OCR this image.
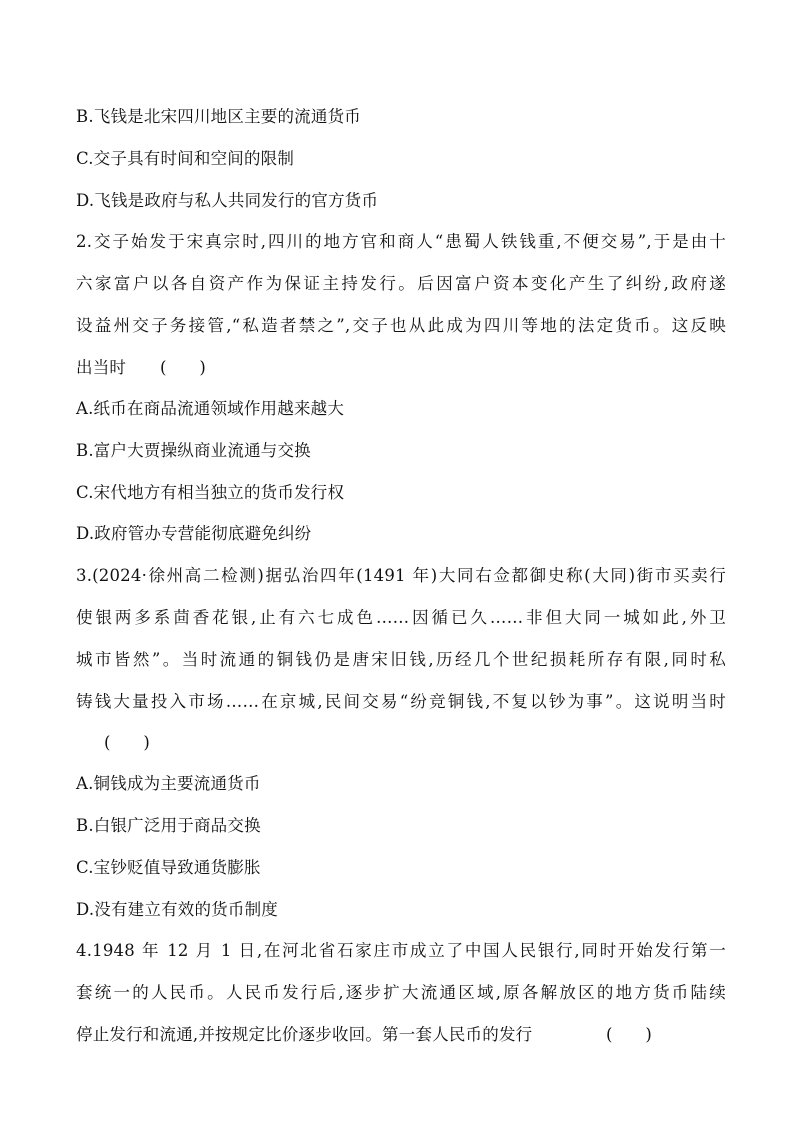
B.飞钱是北宋四川地区主要的流通货币
C.交子具有时间和空间的限制
D.飞钱是政府与私人共同发行的官方货币
2.交子始发于宋真宗时,四川的地方官和商人“患蜀人铁钱重,不便交易”,于是由十
六家富户以各自资产作为保证主持发行。后因富户资本变化产生了纠纷,政府遂
设益州交子务接管,“私造者禁之”,交子也从此成为四川等地的法定货币。这反映
出当时 (　　)
A.纸币在商品流通领域作用越来越大
B.富户大贾操纵商业流通与交换
C.宋代地方有相当独立的货币发行权
D.政府管办专营能彻底避免纠纷
3.(2024·徐州高二检测)据弘治四年(1491 年)大同右佥都御史称(大同)街市买卖行
使银两多系茴香花银,止有六七成色……因循已久……非但大同一城如此,外卫
城市皆然”。当时流通的铜钱仍是唐宋旧钱,历经几个世纪损耗所存有限,同时私
铸钱大量投入市场……在京城,民间交易“纷竞铜钱,不复以钞为事”。这说明当时
(　　)
A.铜钱成为主要流通货币
B.白银广泛用于商品交换
C.宝钞贬值导致通货膨胀
D.没有建立有效的货币制度
4.1948 年 12 月 1 日,在河北省石家庄市成立了中国人民银行,同时开始发行第一
套统一的人民币。人民币发行后,逐步扩大流通区域,原各解放区的地方货币陆续
停止发行和流通,并按规定比价逐步收回。第一套人民币的发行	(　　)
